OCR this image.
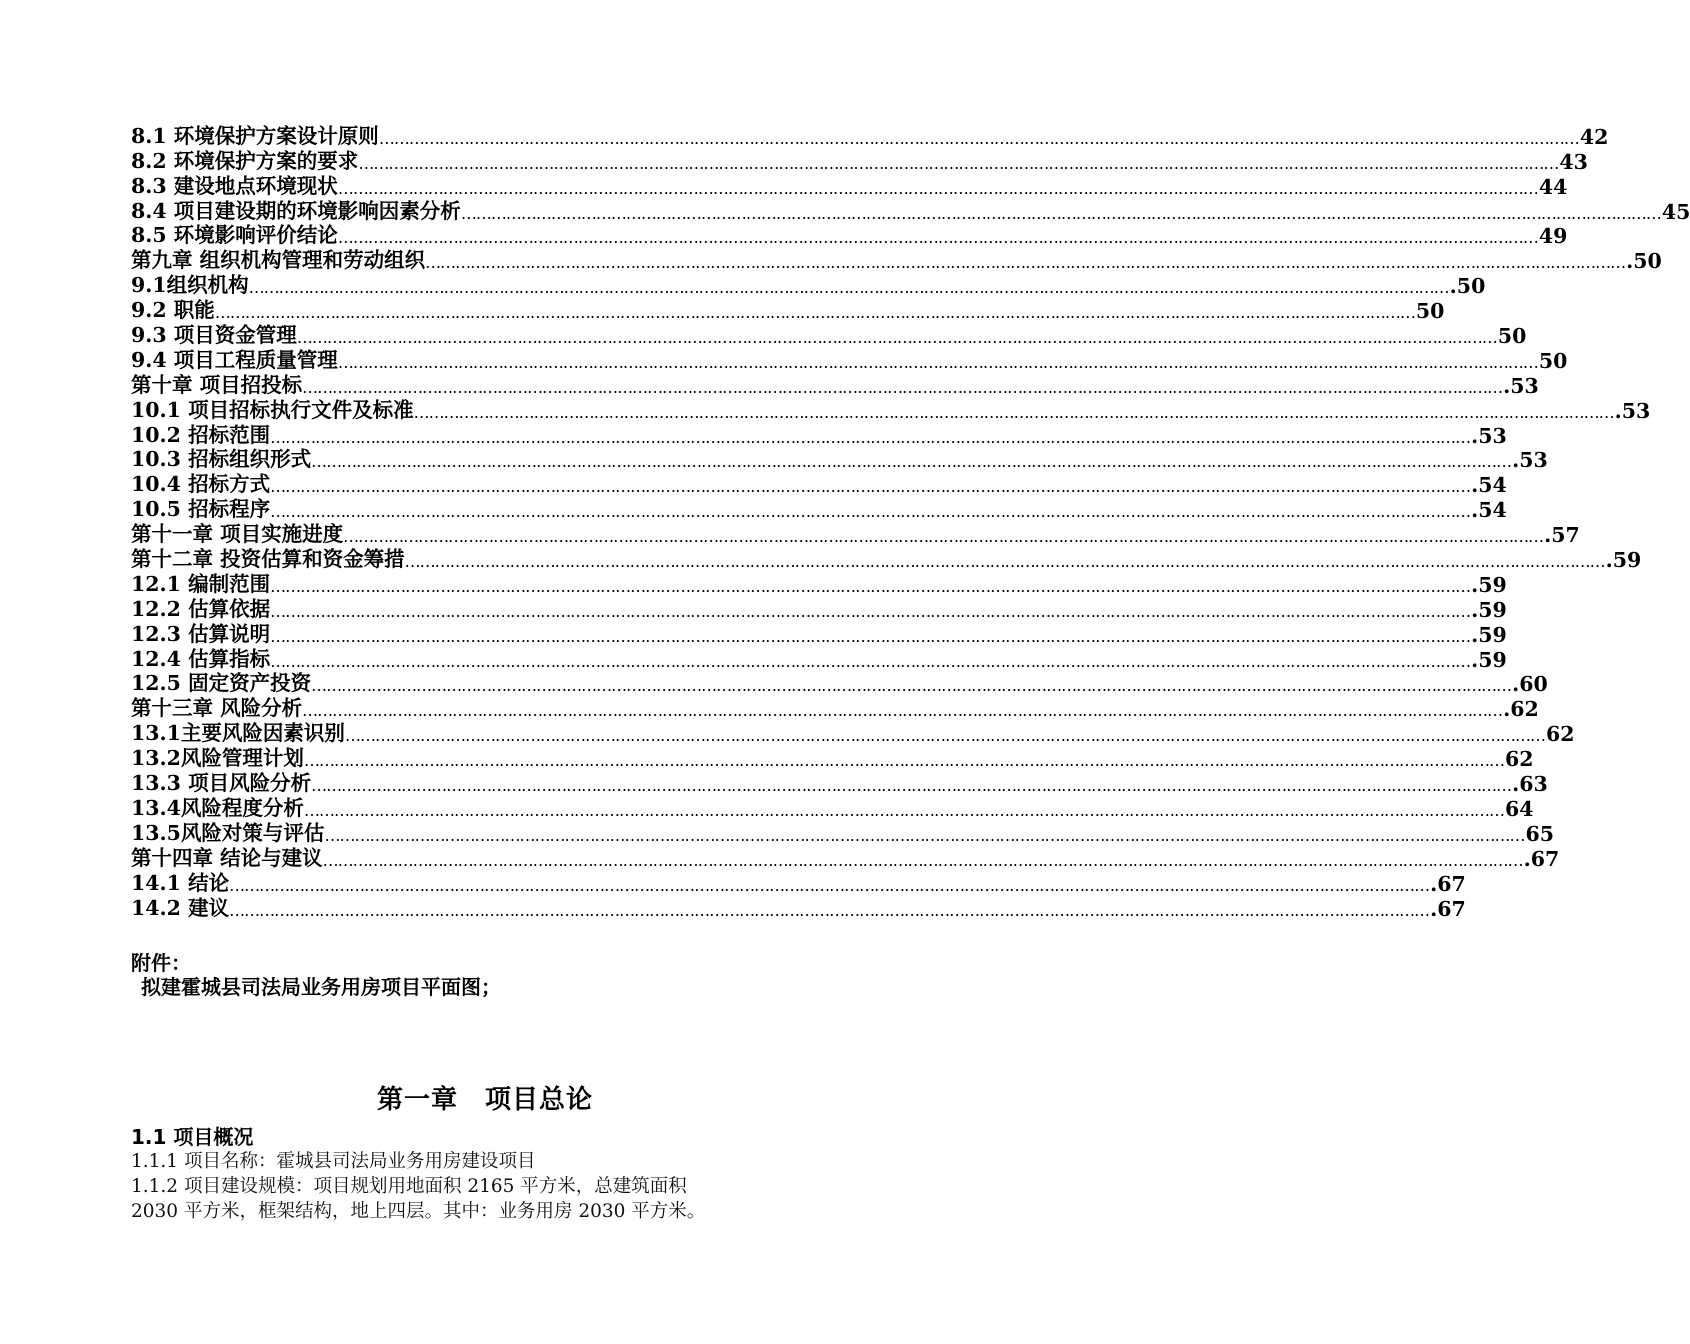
8.1 环境保护方案设计原则 …………………………………………………………………………………………………………………………………………………………………………………………………………………… 42
8.2 环境保护方案的要求 …………………………………………………………………………………………………………………………………………………………………………………………………………………… 43
8.3 建设地点环境现状 …………………………………………………………………………………………………………………………………………………………………………………………………………………… 44
8.4 项目建设期的环境影响因素分析 …………………………………………………………………………………………………………………………………………………………………………………………………………………… 45
8.5 环境影响评价结论 …………………………………………………………………………………………………………………………………………………………………………………………………………………… 49
第九章 组织机构管理和劳动组织 …………………………………………………………………………………………………………………………………………………………………………………………………………………… .50
9.1组织机构 …………………………………………………………………………………………………………………………………………………………………………………………………………………… .50
9.2 职能 …………………………………………………………………………………………………………………………………………………………………………………………………………………… 50
9.3 项目资金管理 …………………………………………………………………………………………………………………………………………………………………………………………………………………… 50
9.4 项目工程质量管理 …………………………………………………………………………………………………………………………………………………………………………………………………………………… 50
第十章 项目招投标 …………………………………………………………………………………………………………………………………………………………………………………………………………………… .53
10.1 项目招标执行文件及标准 …………………………………………………………………………………………………………………………………………………………………………………………………………………… .53
10.2 招标范围 …………………………………………………………………………………………………………………………………………………………………………………………………………………… .53
10.3 招标组织形式 …………………………………………………………………………………………………………………………………………………………………………………………………………………… .53
10.4 招标方式 …………………………………………………………………………………………………………………………………………………………………………………………………………………… .54
10.5 招标程序 …………………………………………………………………………………………………………………………………………………………………………………………………………………… .54
第十一章 项目实施进度 …………………………………………………………………………………………………………………………………………………………………………………………………………………… .57
第十二章 投资估算和资金筹措 …………………………………………………………………………………………………………………………………………………………………………………………………………………… .59
12.1 编制范围 …………………………………………………………………………………………………………………………………………………………………………………………………………………… .59
12.2 估算依据 …………………………………………………………………………………………………………………………………………………………………………………………………………………… .59
12.3 估算说明 …………………………………………………………………………………………………………………………………………………………………………………………………………………… .59
12.4 估算指标 …………………………………………………………………………………………………………………………………………………………………………………………………………………… .59
12.5 固定资产投资 …………………………………………………………………………………………………………………………………………………………………………………………………………………… .60
第十三章 风险分析 …………………………………………………………………………………………………………………………………………………………………………………………………………………… .62
13.1主要风险因素识别 …………………………………………………………………………………………………………………………………………………………………………………………………………………… 62
13.2风险管理计划 …………………………………………………………………………………………………………………………………………………………………………………………………………………… 62
13.3 项目风险分析 …………………………………………………………………………………………………………………………………………………………………………………………………………………… .63
13.4风险程度分析 …………………………………………………………………………………………………………………………………………………………………………………………………………………… 64
13.5风险对策与评估 …………………………………………………………………………………………………………………………………………………………………………………………………………………… 65
第十四章 结论与建议 …………………………………………………………………………………………………………………………………………………………………………………………………………………… .67
14.1 结论 …………………………………………………………………………………………………………………………………………………………………………………………………………………… .67
14.2 建议 …………………………………………………………………………………………………………………………………………………………………………………………………………………… .67
附件：
拟建霍城县司法局业务用房项目平面图；
第一章　项目总论
1.1 项目概况
1.1.1 项目名称：霍城县司法局业务用房建设项目
1.1.2 项目建设规模：项目规划用地面积 2165 平方米，总建筑面积
2030 平方米，框架结构，地上四层。其中：业务用房 2030 平方米。
